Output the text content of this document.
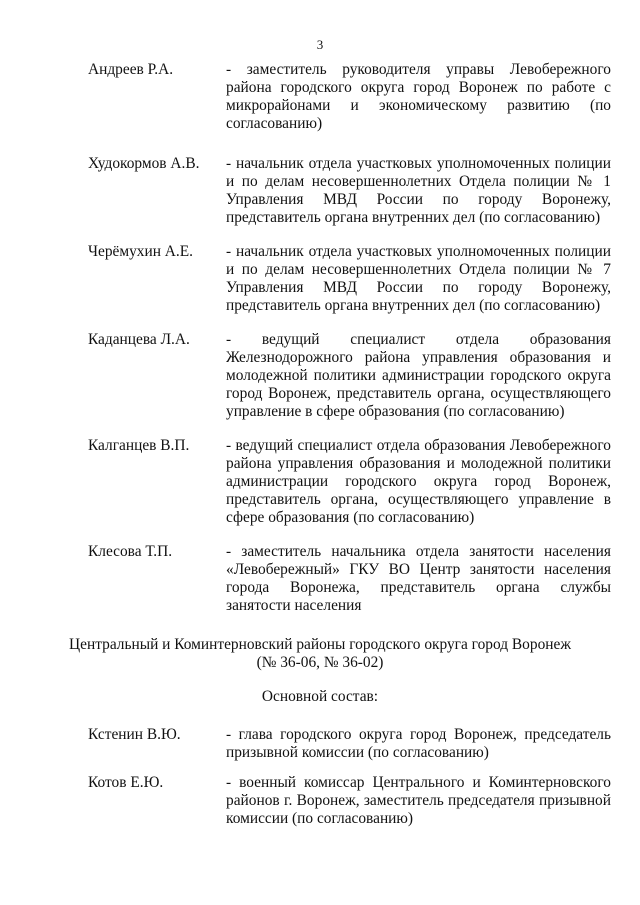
3
Андреев Р.А.	- заместитель руководителя управы Левобережного района городского округа город Воронеж по работе с микрорайонами и экономическому развитию (по согласованию)
Худокормов А.В. - начальник отдела участковых уполномоченных полиции и по делам несовершеннолетних Отдела полиции № 1 Управления МВД России по городу Воронежу, представитель органа внутренних дел (по согласованию)
Черёмухин А.Е. - начальник отдела участковых уполномоченных полиции и по делам несовершеннолетних Отдела полиции № 7 Управления МВД России по городу Воронежу, представитель органа внутренних дел (по согласованию)
Каданцева Л.А. - ведущий специалист отдела образования Железнодорожного района управления образования и молодежной политики администрации городского округа город Воронеж, представитель органа, осуществляющего управление в сфере образования (по согласованию)
Калганцев В.П. - ведущий специалист отдела образования Левобережного района управления образования и молодежной политики администрации городского округа город Воронеж, представитель органа, осуществляющего управление в сфере образования (по согласованию)
Клесова Т.П.	- заместитель начальника отдела занятости населения «Левобережный» ГКУ ВО Центр занятости населения города Воронежа, представитель органа службы занятости населения
Центральный и Коминтерновский районы городского округа город Воронеж
(№ 36-06, № 36-02)
Основной состав:
Кстенин В.Ю.	- глава городского округа город Воронеж, председатель призывной комиссии (по согласованию)
Котов Е.Ю.	- военный комиссар Центрального и Коминтерновского районов г. Воронеж, заместитель председателя призывной комиссии (по согласованию)
